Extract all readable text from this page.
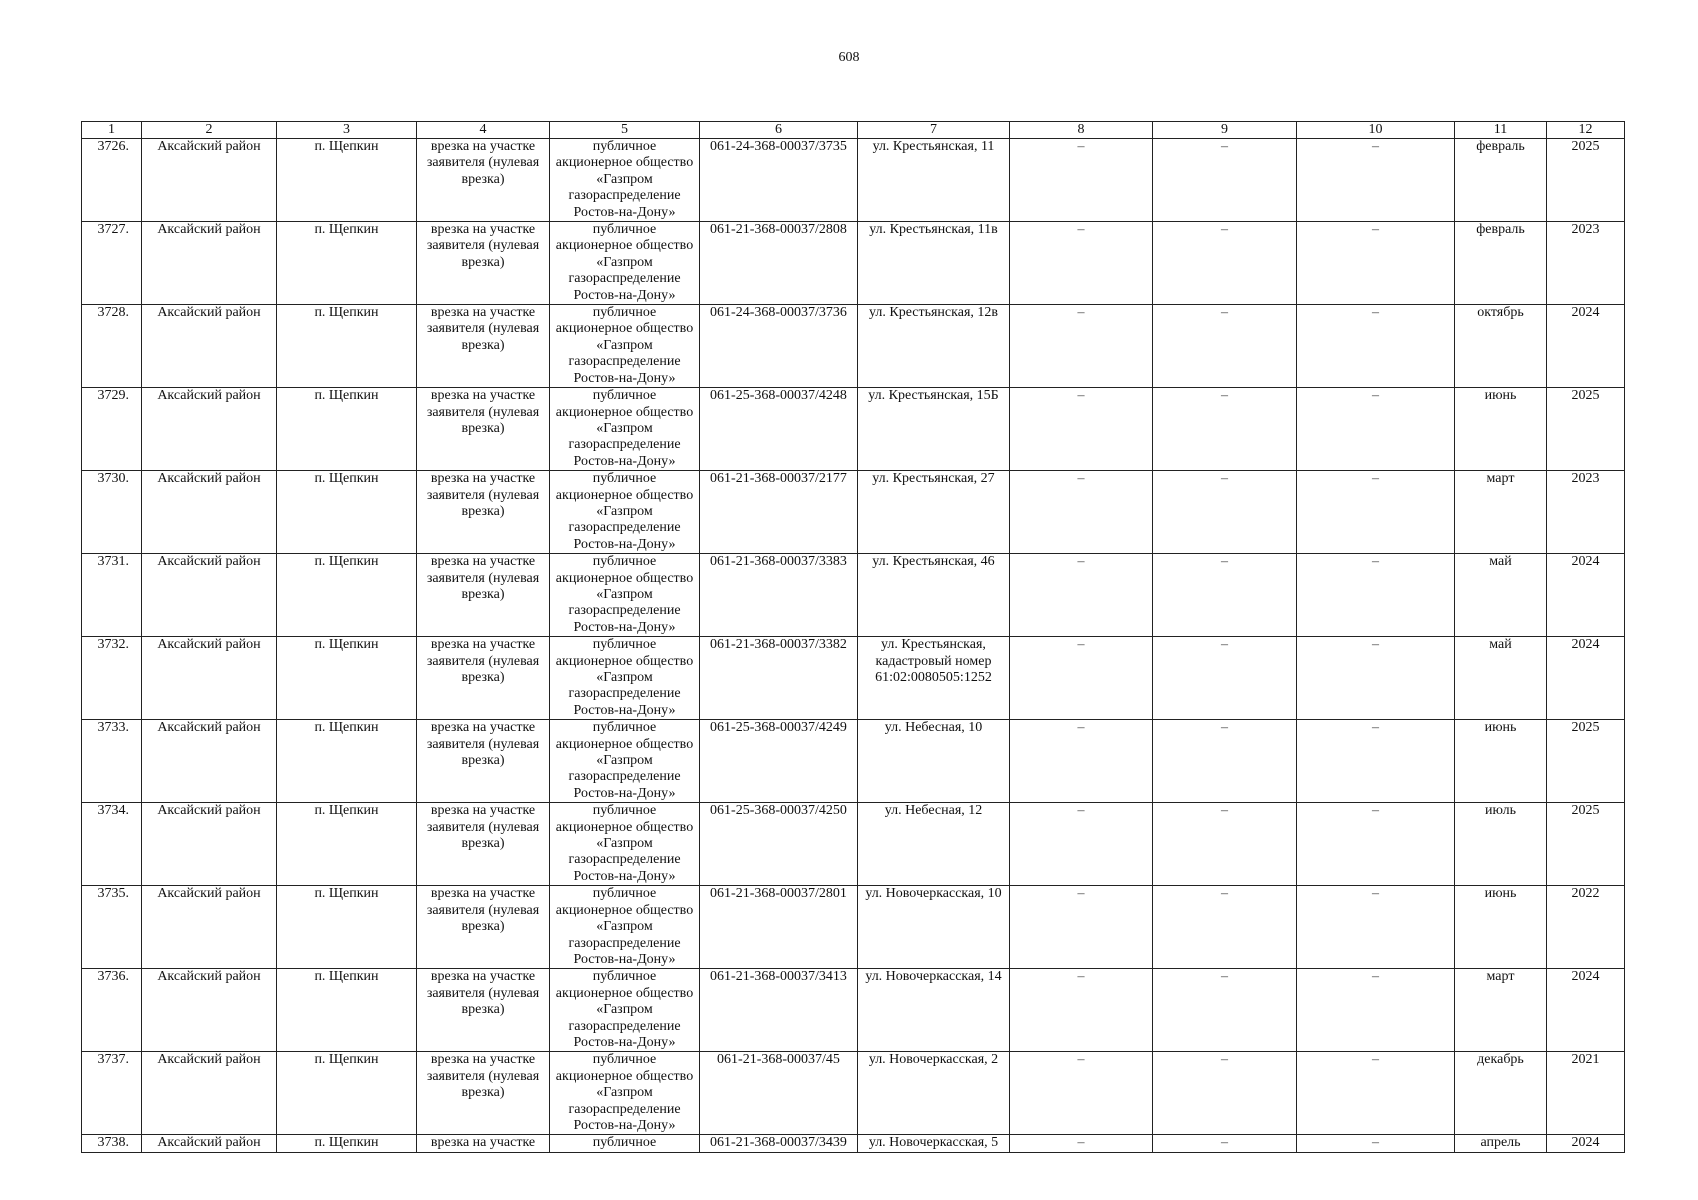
608
1	2	3	4	5	6	7	8	9	10	11	12
3726.	Аксайский район	п. Щепкин	врезка на участке заявителя (нулевая врезка)	публичное акционерное общество «Газпром газораспределение Ростов-на-Дону»	061-24-368-00037/3735	ул. Крестьянская, 11	–	–	–	февраль	2025
3727.	Аксайский район	п. Щепкин	врезка на участке заявителя (нулевая врезка)	публичное акционерное общество «Газпром газораспределение Ростов-на-Дону»	061-21-368-00037/2808	ул. Крестьянская, 11в	–	–	–	февраль	2023
3728.	Аксайский район	п. Щепкин	врезка на участке заявителя (нулевая врезка)	публичное акционерное общество «Газпром газораспределение Ростов-на-Дону»	061-24-368-00037/3736	ул. Крестьянская, 12в	–	–	–	октябрь	2024
3729.	Аксайский район	п. Щепкин	врезка на участке заявителя (нулевая врезка)	публичное акционерное общество «Газпром газораспределение Ростов-на-Дону»	061-25-368-00037/4248	ул. Крестьянская, 15Б	–	–	–	июнь	2025
3730.	Аксайский район	п. Щепкин	врезка на участке заявителя (нулевая врезка)	публичное акционерное общество «Газпром газораспределение Ростов-на-Дону»	061-21-368-00037/2177	ул. Крестьянская, 27	–	–	–	март	2023
3731.	Аксайский район	п. Щепкин	врезка на участке заявителя (нулевая врезка)	публичное акционерное общество «Газпром газораспределение Ростов-на-Дону»	061-21-368-00037/3383	ул. Крестьянская, 46	–	–	–	май	2024
3732.	Аксайский район	п. Щепкин	врезка на участке заявителя (нулевая врезка)	публичное акционерное общество «Газпром газораспределение Ростов-на-Дону»	061-21-368-00037/3382	ул. Крестьянская, кадастровый номер 61:02:0080505:1252	–	–	–	май	2024
3733.	Аксайский район	п. Щепкин	врезка на участке заявителя (нулевая врезка)	публичное акционерное общество «Газпром газораспределение Ростов-на-Дону»	061-25-368-00037/4249	ул. Небесная, 10	–	–	–	июнь	2025
3734.	Аксайский район	п. Щепкин	врезка на участке заявителя (нулевая врезка)	публичное акционерное общество «Газпром газораспределение Ростов-на-Дону»	061-25-368-00037/4250	ул. Небесная, 12	–	–	–	июль	2025
3735.	Аксайский район	п. Щепкин	врезка на участке заявителя (нулевая врезка)	публичное акционерное общество «Газпром газораспределение Ростов-на-Дону»	061-21-368-00037/2801	ул. Новочеркасская, 10	–	–	–	июнь	2022
3736.	Аксайский район	п. Щепкин	врезка на участке заявителя (нулевая врезка)	публичное акционерное общество «Газпром газораспределение Ростов-на-Дону»	061-21-368-00037/3413	ул. Новочеркасская, 14	–	–	–	март	2024
3737.	Аксайский район	п. Щепкин	врезка на участке заявителя (нулевая врезка)	публичное акционерное общество «Газпром газораспределение Ростов-на-Дону»	061-21-368-00037/45	ул. Новочеркасская, 2	–	–	–	декабрь	2021
3738.	Аксайский район	п. Щепкин	врезка на участке	публичное	061-21-368-00037/3439	ул. Новочеркасская, 5	–	–	–	апрель	2024
